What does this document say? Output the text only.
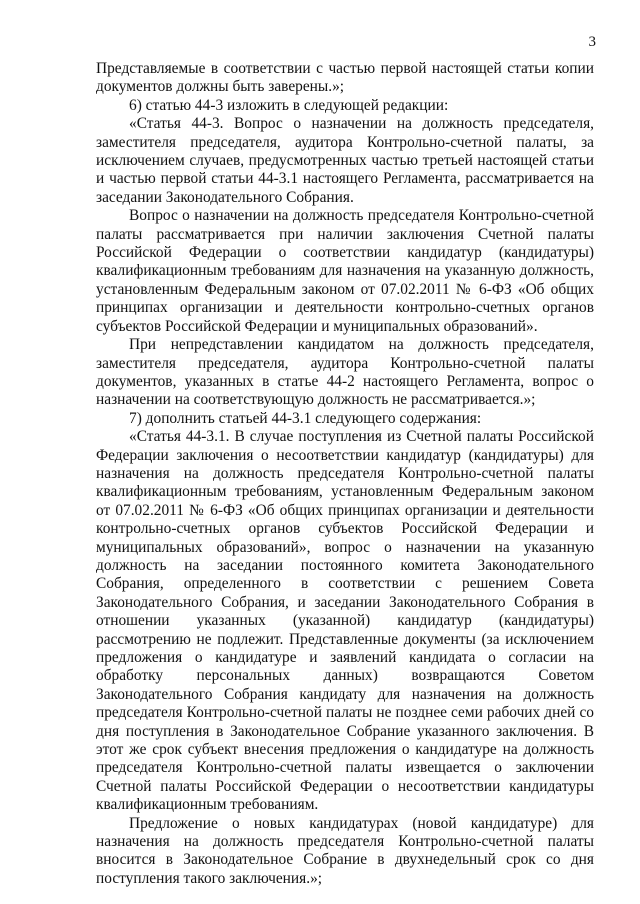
3

Представляемые в соответствии с частью первой настоящей статьи копии документов должны быть заверены.»;

6) статью 44-3 изложить в следующей редакции:

«Статья 44-3. Вопрос о назначении на должность председателя, заместителя председателя, аудитора Контрольно-счетной палаты, за исключением случаев, предусмотренных частью третьей настоящей статьи и частью первой статьи 44-3.1 настоящего Регламента, рассматривается на заседании Законодательного Собрания.

Вопрос о назначении на должность председателя Контрольно-счетной палаты рассматривается при наличии заключения Счетной палаты Российской Федерации о соответствии кандидатур (кандидатуры) квалификационным требованиям для назначения на указанную должность, установленным Федеральным законом от 07.02.2011 № 6-ФЗ «Об общих принципах организации и деятельности контрольно-счетных органов субъектов Российской Федерации и муниципальных образований».

При непредставлении кандидатом на должность председателя, заместителя председателя, аудитора Контрольно-счетной палаты документов, указанных в статье 44-2 настоящего Регламента, вопрос о назначении на соответствующую должность не рассматривается.»;

7) дополнить статьей 44-3.1 следующего содержания:

«Статья 44-3.1. В случае поступления из Счетной палаты Российской Федерации заключения о несоответствии кандидатур (кандидатуры) для назначения на должность председателя Контрольно-счетной палаты квалификационным требованиям, установленным Федеральным законом от 07.02.2011 № 6-ФЗ «Об общих принципах организации и деятельности контрольно-счетных органов субъектов Российской Федерации и муниципальных образований», вопрос о назначении на указанную должность на заседании постоянного комитета Законодательного Собрания, определенного в соответствии с решением Совета Законодательного Собрания, и заседании Законодательного Собрания в отношении указанных (указанной) кандидатур (кандидатуры) рассмотрению не подлежит. Представленные документы (за исключением предложения о кандидатуре и заявлений кандидата о согласии на обработку персональных данных) возвращаются Советом Законодательного Собрания кандидату для назначения на должность председателя Контрольно-счетной палаты не позднее семи рабочих дней со дня поступления в Законодательное Собрание указанного заключения. В этот же срок субъект внесения предложения о кандидатуре на должность председателя Контрольно-счетной палаты извещается о заключении Счетной палаты Российской Федерации о несоответствии кандидатуры квалификационным требованиям.

Предложение о новых кандидатурах (новой кандидатуре) для назначения на должность председателя Контрольно-счетной палаты вносится в Законодательное Собрание в двухнедельный срок со дня поступления такого заключения.»;
